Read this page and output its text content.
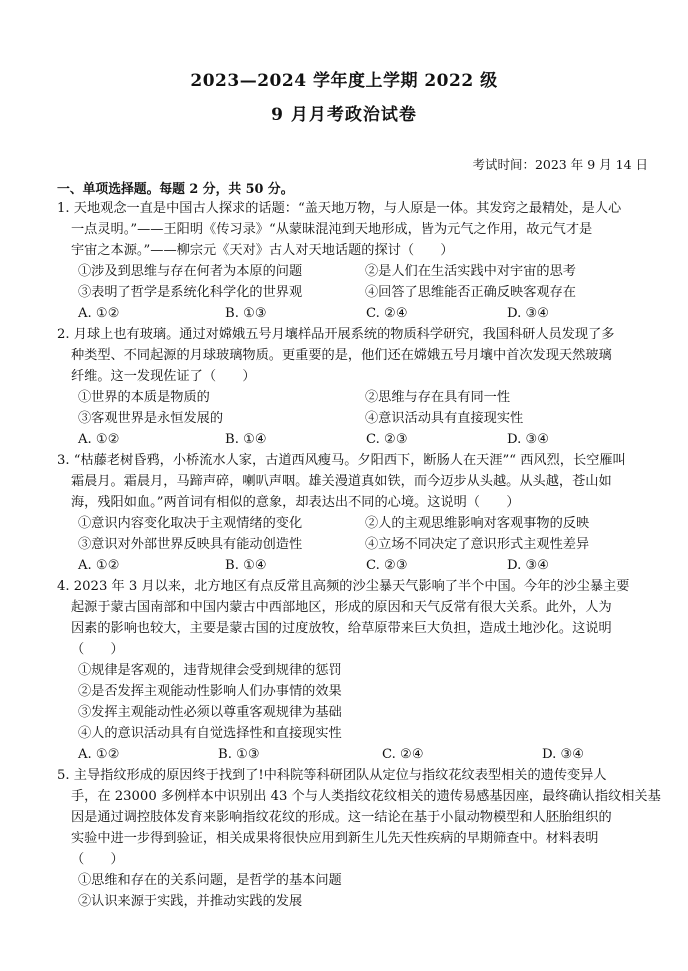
2023—2024 学年度上学期 2022 级
9 月月考政治试卷
考试时间：2023 年 9 月 14 日
一、单项选择题。每题 2 分，共 50 分。
1. 天地观念一直是中国古人探求的话题：“盖天地万物，与人原是一体。其发窍之最精处，是人心
一点灵明。”——王阳明《传习录》“从蒙昧混沌到天地形成，皆为元气之作用，故元气才是
宇宙之本源。”——柳宗元《天对》古人对天地话题的探讨（　　）
①涉及到思维与存在何者为本原的问题	②是人们在生活实践中对宇宙的思考
③表明了哲学是系统化科学化的世界观	④回答了思维能否正确反映客观存在
A. ①②	B. ①③	C. ②④	D. ③④
2. 月球上也有玻璃。通过对嫦娥五号月壤样品开展系统的物质科学研究，我国科研人员发现了多
种类型、不同起源的月球玻璃物质。更重要的是，他们还在嫦娥五号月壤中首次发现天然玻璃
纤维。这一发现佐证了（　　）
①世界的本质是物质的	②思维与存在具有同一性
③客观世界是永恒发展的	④意识活动具有直接现实性
A. ①②	B. ①④	C. ②③	D. ③④
3. “枯藤老树昏鸦，小桥流水人家，古道西风瘦马。夕阳西下，断肠人在天涯”“ 西风烈，长空雁叫
霜晨月。霜晨月，马蹄声碎，喇叭声咽。雄关漫道真如铁，而今迈步从头越。从头越，苍山如
海，残阳如血。”两首词有相似的意象，却表达出不同的心境。这说明（　　）
①意识内容变化取决于主观情绪的变化	②人的主观思维影响对客观事物的反映
③意识对外部世界反映具有能动创造性	④立场不同决定了意识形式主观性差异
A. ①②	B. ①④	C. ②③	D. ③④
4. 2023 年 3 月以来，北方地区有点反常且高频的沙尘暴天气影响了半个中国。今年的沙尘暴主要
起源于蒙古国南部和中国内蒙古中西部地区，形成的原因和天气反常有很大关系。此外，人为
因素的影响也较大，主要是蒙古国的过度放牧，给草原带来巨大负担，造成土地沙化。这说明
（　　）
①规律是客观的，违背规律会受到规律的惩罚
②是否发挥主观能动性影响人们办事情的效果
③发挥主观能动性必须以尊重客观规律为基础
④人的意识活动具有自觉选择性和直接现实性
A. ①②	B. ①③	C. ②④	D. ③④
5. 主导指纹形成的原因终于找到了!中科院等科研团队从定位与指纹花纹表型相关的遗传变异人
手，在 23000 多例样本中识别出 43 个与人类指纹花纹相关的遗传易感基因座，最终确认指纹相关基
因是通过调控肢体发育来影响指纹花纹的形成。这一结论在基于小鼠动物模型和人胚胎组织的
实验中进一步得到验证，相关成果将很快应用到新生儿先天性疾病的早期筛查中。材料表明
（　　）
①思维和存在的关系问题，是哲学的基本问题
②认识来源于实践，并推动实践的发展
